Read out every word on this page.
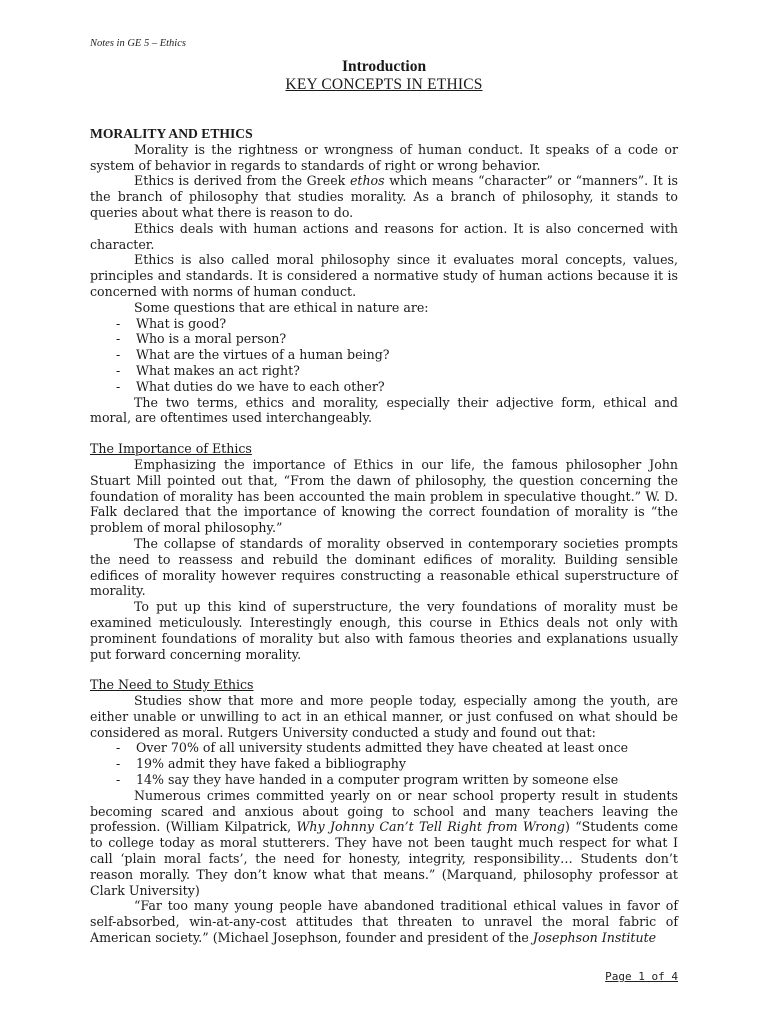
Notes in GE 5 – Ethics
Introduction
KEY CONCEPTS IN ETHICS
MORALITY AND ETHICS

Morality is the rightness or wrongness of human conduct. It speaks of a code or system of behavior in regards to standards of right or wrong behavior.

Ethics is derived from the Greek ethos which means “character” or “manners”. It is the branch of philosophy that studies morality. As a branch of philosophy, it stands to queries about what there is reason to do.

Ethics deals with human actions and reasons for action. It is also concerned with character.

Ethics is also called moral philosophy since it evaluates moral concepts, values, principles and standards. It is considered a normative study of human actions because it is concerned with norms of human conduct.

Some questions that are ethical in nature are:

- What is good?
- Who is a moral person?
- What are the virtues of a human being?
- What makes an act right?
- What duties do we have to each other?

The two terms, ethics and morality, especially their adjective form, ethical and moral, are oftentimes used interchangeably.

The Importance of Ethics

Emphasizing the importance of Ethics in our life, the famous philosopher John Stuart Mill pointed out that, “From the dawn of philosophy, the question concerning the foundation of morality has been accounted the main problem in speculative thought.” W. D. Falk declared that the importance of knowing the correct foundation of morality is “the problem of moral philosophy.”

The collapse of standards of morality observed in contemporary societies prompts the need to reassess and rebuild the dominant edifices of morality. Building sensible edifices of morality however requires constructing a reasonable ethical superstructure of morality.

To put up this kind of superstructure, the very foundations of morality must be examined meticulously. Interestingly enough, this course in Ethics deals not only with prominent foundations of morality but also with famous theories and explanations usually put forward concerning morality.

The Need to Study Ethics

Studies show that more and more people today, especially among the youth, are either unable or unwilling to act in an ethical manner, or just confused on what should be considered as moral. Rutgers University conducted a study and found out that:

- Over 70% of all university students admitted they have cheated at least once
- 19% admit they have faked a bibliography
- 14% say they have handed in a computer program written by someone else

Numerous crimes committed yearly on or near school property result in students becoming scared and anxious about going to school and many teachers leaving the profession. (William Kilpatrick, Why Johnny Can’t Tell Right from Wrong) “Students come to college today as moral stutterers. They have not been taught much respect for what I call ‘plain moral facts’, the need for honesty, integrity, responsibility… Students don’t reason morally. They don’t know what that means.” (Marquand, philosophy professor at Clark University)

“Far too many young people have abandoned traditional ethical values in favor of self-absorbed, win-at-any-cost attitudes that threaten to unravel the moral fabric of American society.” (Michael Josephson, founder and president of the Josephson Institute

Page 1 of 4
